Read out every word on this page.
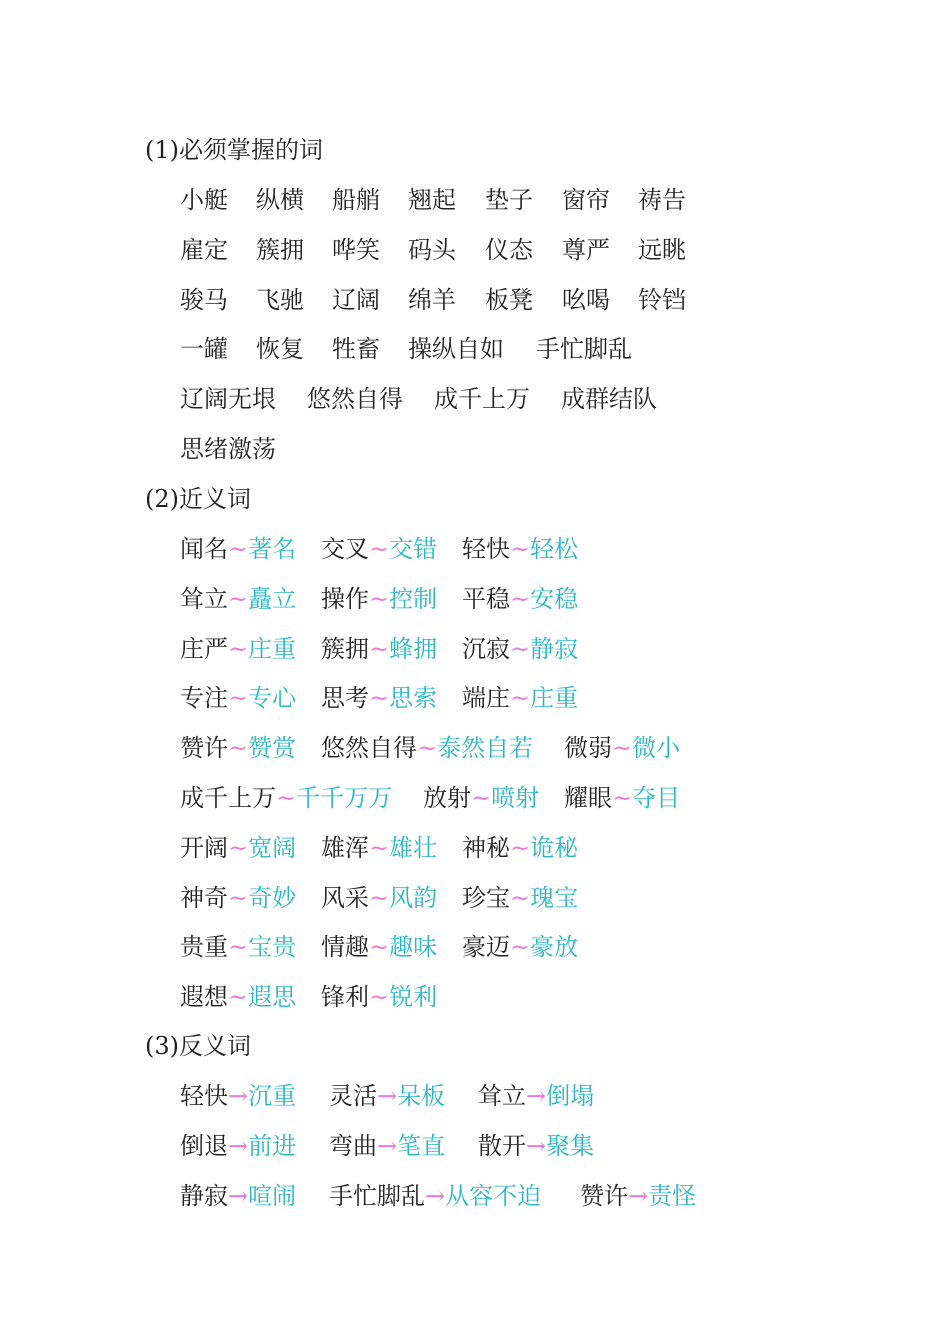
(1)必须掌握的词
小艇 纵横 船艄 翘起 垫子 窗帘 祷告
雇定 簇拥 哗笑 码头 仪态 尊严 远眺
骏马 飞驰 辽阔 绵羊 板凳 吆喝 铃铛
一罐 恢复 牲畜 操纵自如 手忙脚乱
辽阔无垠 悠然自得 成千上万 成群结队
思绪激荡
(2)近义词
闻名~著名 交叉~交错 轻快~轻松
耸立~矗立 操作~控制 平稳~安稳
庄严~庄重 簇拥~蜂拥 沉寂~静寂
专注~专心 思考~思索 端庄~庄重
赞许~赞赏 悠然自得~泰然自若 微弱~微小
成千上万~千千万万 放射~喷射 耀眼~夺目
开阔~宽阔 雄浑~雄壮 神秘~诡秘
神奇~奇妙 风采~风韵 珍宝~瑰宝
贵重~宝贵 情趣~趣味 豪迈~豪放
遐想~遐思 锋利~锐利
(3)反义词
轻快→沉重 灵活→呆板 耸立→倒塌
倒退→前进 弯曲→笔直 散开→聚集
静寂→喧闹 手忙脚乱→从容不迫 赞许→责怪
